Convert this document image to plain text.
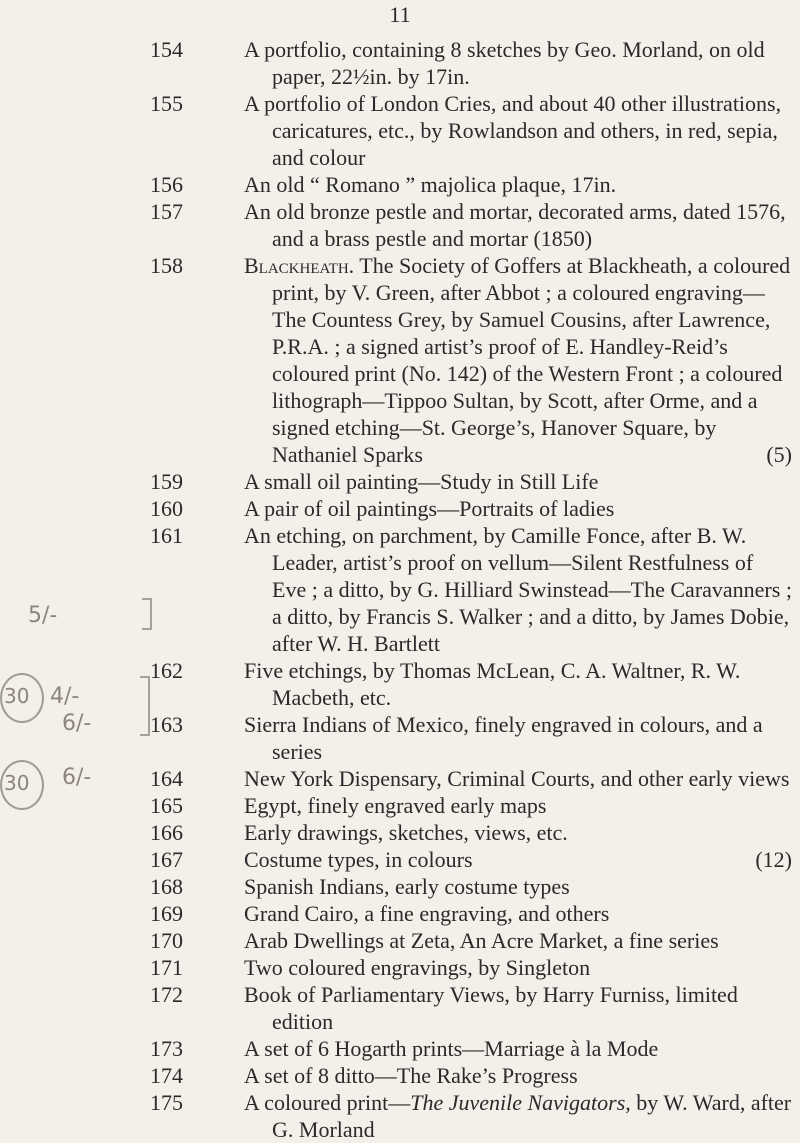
11
154	A portfolio, containing 8 sketches by Geo. Morland, on old paper, 22½in. by 17in.
155	A portfolio of London Cries, and about 40 other illustrations, caricatures, etc., by Rowlandson and others, in red, sepia, and colour
156	An old “ Romano ” majolica plaque, 17in.
157	An old bronze pestle and mortar, decorated arms, dated 1576, and a brass pestle and mortar (1850)
158	Blackheath. The Society of Goffers at Blackheath, a coloured print, by V. Green, after Abbot ; a coloured engraving—The Countess Grey, by Samuel Cousins, after Lawrence, P.R.A. ; a signed artist’s proof of E. Handley-Reid’s coloured print (No. 142) of the Western Front ; a coloured lithograph—Tippoo Sultan, by Scott, after Orme, and a signed etching—St. George’s, Hanover Square, by Nathaniel Sparks	(5)
159	A small oil painting—Study in Still Life
160	A pair of oil paintings—Portraits of ladies
161	An etching, on parchment, by Camille Fonce, after B. W. Leader, artist’s proof on vellum—Silent Restfulness of Eve ; a ditto, by G. Hilliard Swinstead—The Caravanners ; a ditto, by Francis S. Walker ; and a ditto, by James Dobie, after W. H. Bartlett
162	Five etchings, by Thomas McLean, C. A. Waltner, R. W. Macbeth, etc.
163	Sierra Indians of Mexico, finely engraved in colours, and a series
164	New York Dispensary, Criminal Courts, and other early views
165	Egypt, finely engraved early maps
166	Early drawings, sketches, views, etc.
167	Costume types, in colours	(12)
168	Spanish Indians, early costume types
169	Grand Cairo, a fine engraving, and others
170	Arab Dwellings at Zeta, An Acre Market, a fine series
171	Two coloured engravings, by Singleton
172	Book of Parliamentary Views, by Harry Furniss, limited edition
173	A set of 6 Hogarth prints—Marriage à la Mode
174	A set of 8 ditto—The Rake’s Progress
175	A coloured print—The Juvenile Navigators, by W. Ward, after G. Morland
5/-
30 4/-
6/-
30 6/-
